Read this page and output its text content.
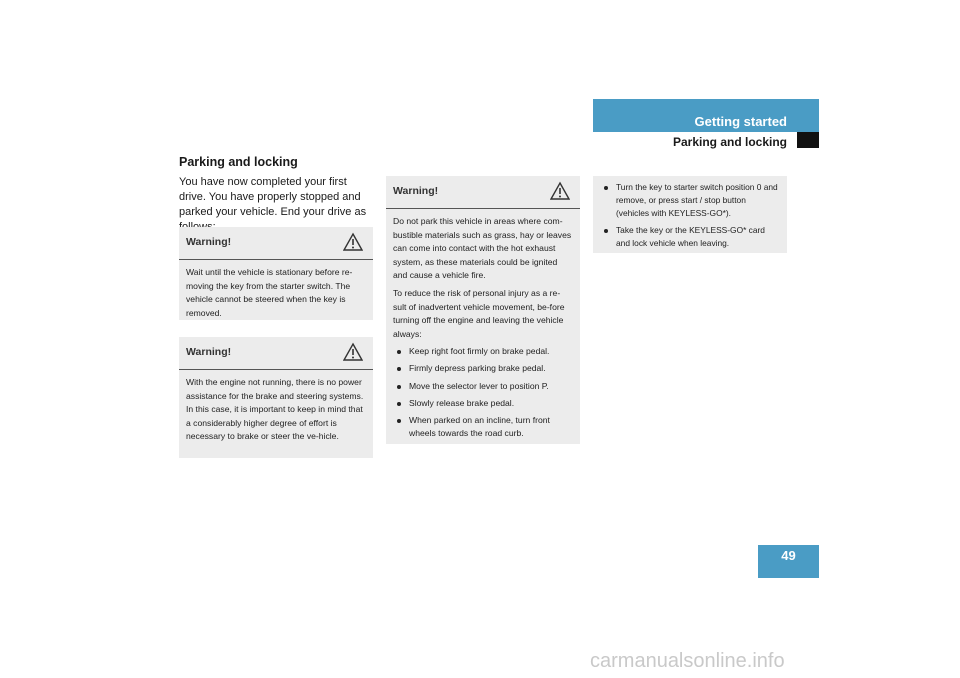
Getting started
Parking and locking
Parking and locking
You have now completed your first drive. You have properly stopped and parked your vehicle. End your drive as
Warning!

Wait until the vehicle is stationary before re-moving the key from the starter switch. The vehicle cannot be steered when the key is removed.

Warning!

With the engine not running, there is no power assistance for the brake and steering systems. In this case, it is important to keep in mind that a considerably higher degree of effort is necessary to brake or steer the ve-hicle.

Warning!

Do not park this vehicle in areas where com-bustible materials such as grass, hay or leaves can come into contact with the hot exhaust system, as these materials could be ignited and cause a vehicle fire.

To reduce the risk of personal injury as a re-sult of inadvertent vehicle movement, be-fore turning off the engine and leaving the vehicle always:

Keep right foot firmly on brake pedal.
Firmly depress parking brake pedal.
Move the selector lever to position P.
Slowly release brake pedal.
When parked on an incline, turn front wheels towards the road curb.
Turn the key to starter switch position 0 and remove, or press start / stop button (vehicles with KEYLESS-GO*).
Take the key or the KEYLESS-GO* card and lock vehicle when leaving.
49
carmanualsonline.info
